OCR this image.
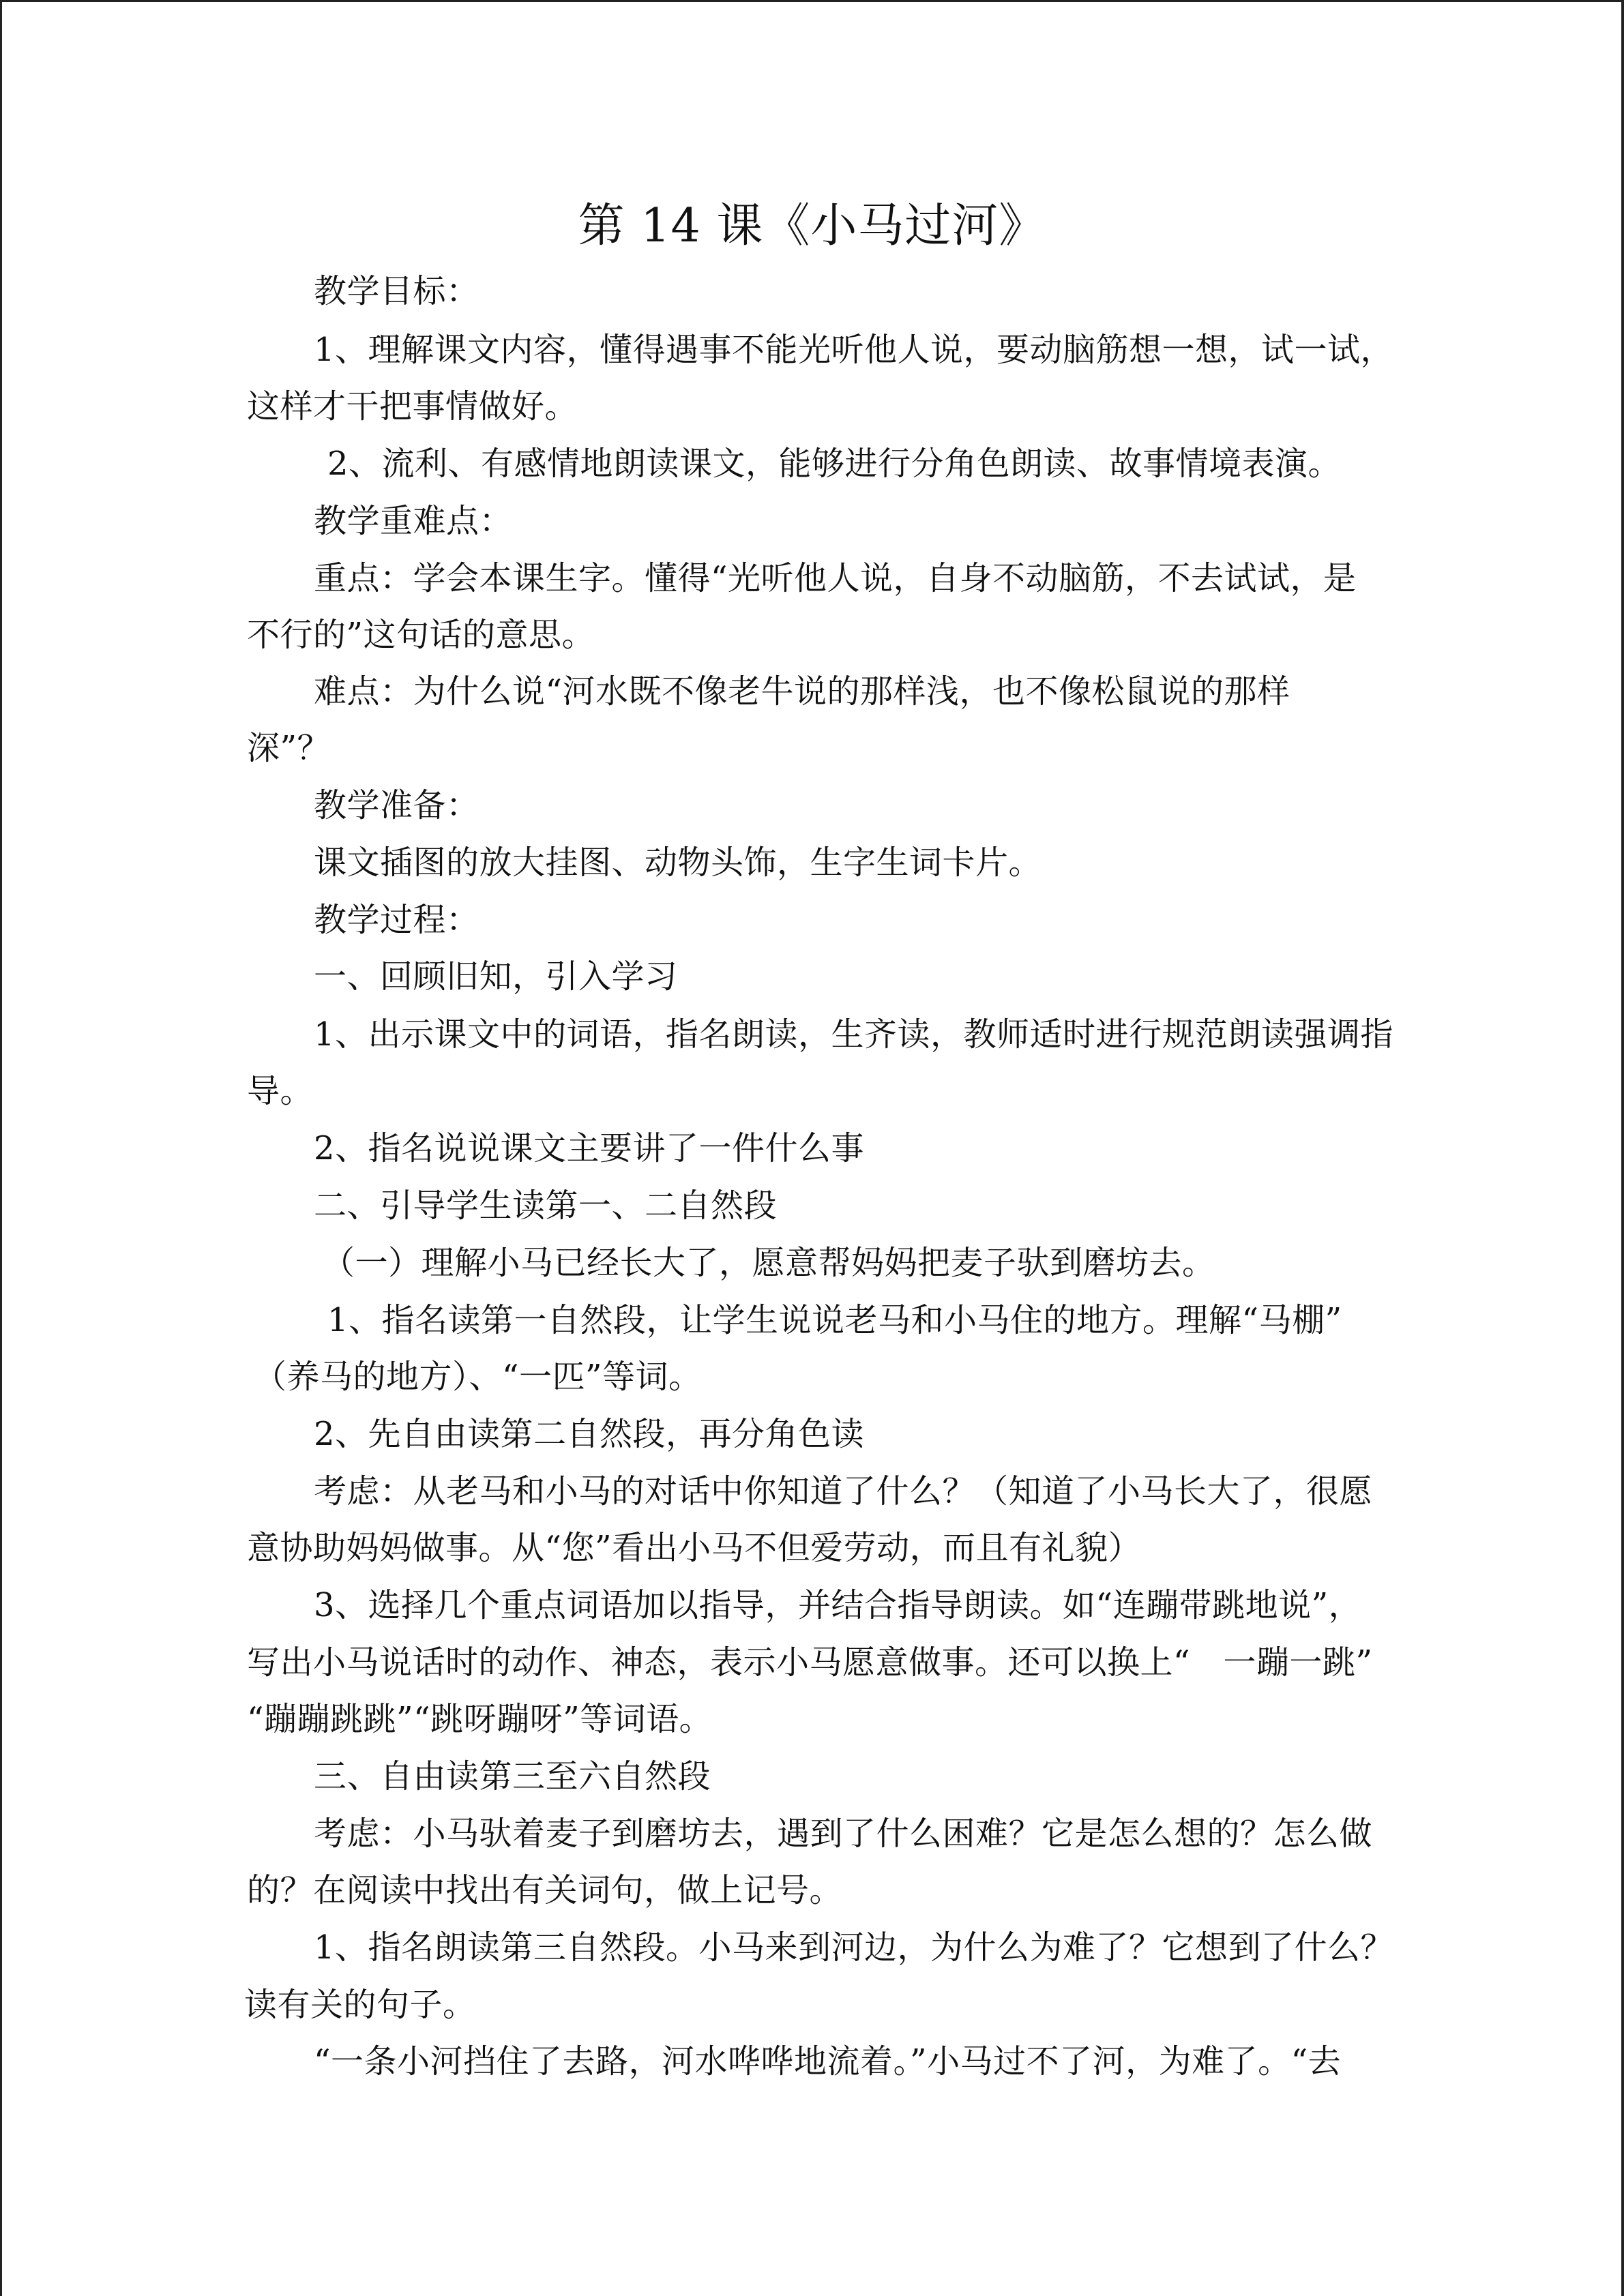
第 14 课《小马过河》
教学目标：
1、理解课文内容，懂得遇事不能光听他人说，要动脑筋想一想，试一试，
这样才干把事情做好。
2、流利、有感情地朗读课文，能够进行分角色朗读、故事情境表演。
教学重难点：
重点：学会本课生字。懂得“光听他人说，自身不动脑筋，不去试试，是
不行的”这句话的意思。
难点：为什么说“河水既不像老牛说的那样浅，也不像松鼠说的那样
深”？
教学准备：
课文插图的放大挂图、动物头饰，生字生词卡片。
教学过程：
一、回顾旧知，引入学习
1、出示课文中的词语，指名朗读，生齐读，教师适时进行规范朗读强调指
导。
2、指名说说课文主要讲了一件什么事
二、引导学生读第一、二自然段
（一）理解小马已经长大了，愿意帮妈妈把麦子驮到磨坊去。
1、指名读第一自然段，让学生说说老马和小马住的地方。理解“马棚”
（养马的地方）、“一匹”等词。
2、先自由读第二自然段，再分角色读
考虑：从老马和小马的对话中你知道了什么？（知道了小马长大了，很愿
意协助妈妈做事。从“您”看出小马不但爱劳动，而且有礼貌）
3、选择几个重点词语加以指导，并结合指导朗读。如“连蹦带跳地说”，
写出小马说话时的动作、神态，表示小马愿意做事。还可以换上“　一蹦一跳”
“蹦蹦跳跳”“跳呀蹦呀”等词语。
三、自由读第三至六自然段
考虑：小马驮着麦子到磨坊去，遇到了什么困难？它是怎么想的？怎么做
的？在阅读中找出有关词句，做上记号。
1、指名朗读第三自然段。小马来到河边，为什么为难了？它想到了什么？
读有关的句子。
“一条小河挡住了去路，河水哗哗地流着。”小马过不了河，为难了。“去
